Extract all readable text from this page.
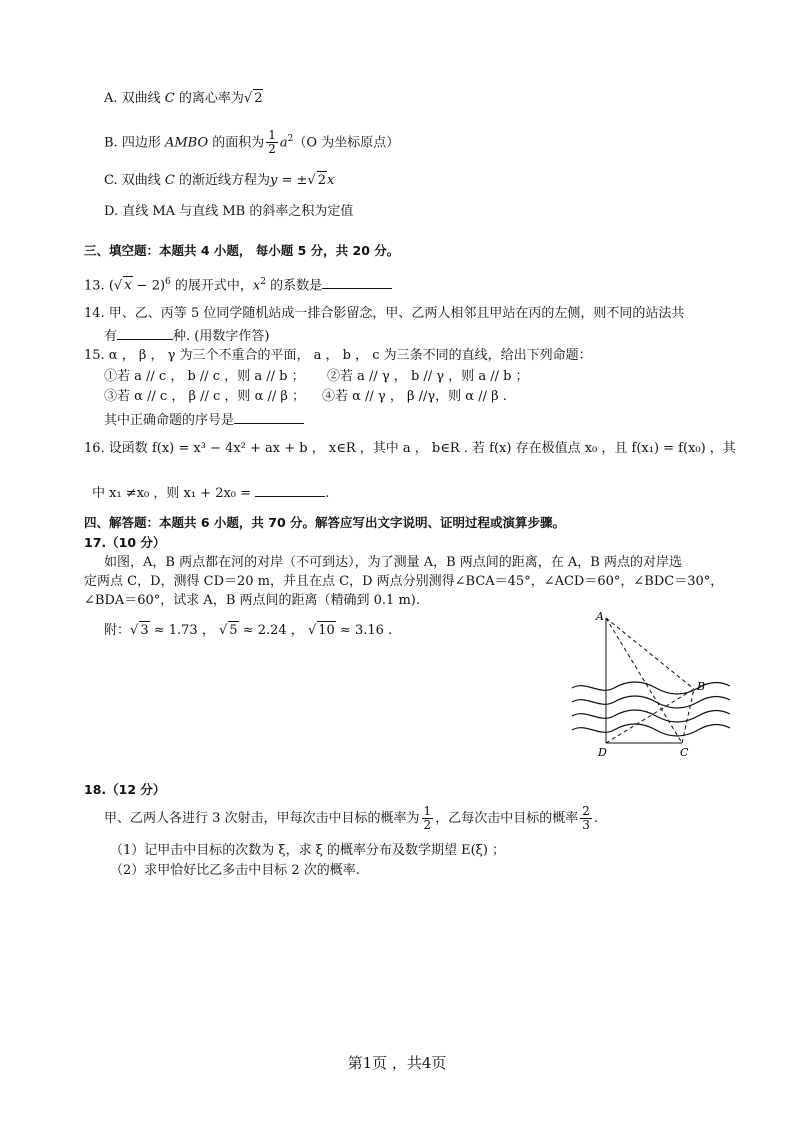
A. 双曲线 C 的离心率为√ 2
B. 四边形 AMBO 的面积为 $\frac{1}{2} a^2(O$ 为坐标原点）
C. 双曲线 C 的渐近线方程为y = ±√ 2x
D. 直线 MA 与直线 MB 的斜率之积为定值
三、填空题：本题共 4 小题， 每小题 5 分，共 20 分。
13. (√ x − 2)$^6$ 的展开式中，$x^2$ 的系数是
14. 甲、乙、丙等 5 位同学随机站成一排合影留念，甲、乙两人相邻且甲站在丙的左侧，则不同的站法共
有	种. (用数字作答)
15. α ， β ， γ 为三个不重合的平面， a ， b ， c 为三条不同的直线，给出下列命题：
①若 a // c ， b // c ，则 a // b ； ②若 a // γ ， b // γ ，则 a // b ；
③若 α // c ， β // c ，则 α // β ； ④若 α // γ ， β //γ，则 α // β .
其中正确命题的序号是
16. 设函数 f(x) = x³ − 4x² + ax + b ， x∈R ，其中 a ， b∈R . 若 f(x) 存在极值点 x₀ ，且 f(x₁) = f(x₀) ，其
中 x₁ ≠x₀ ，则 x₁ + 2x₀ =	.
四、解答题：本题共 6 小题，共 70 分。解答应写出文字说明、证明过程或演算步骤。
17.（10 分）
如图，A，B 两点都在河的对岸（不可到达），为了测量 A，B 两点间的距离，在 A，B 两点的对岸选
定两点 C，D，测得 CD＝20 m，并且在点 C，D 两点分别测得∠BCA＝45°，∠ACD＝60°，∠BDC＝30°，
∠BDA＝60°，试求 A，B 两点间的距离（精确到 0.1 m).
附：√ 3 ≈ 1.73 ， √ 5 ≈ 2.24 ， √ 10 ≈ 3.16 .
A
B
C
D
18.（12 分）
甲、乙两人各进行 3 次射击，甲每次击中目标的概率为 $\frac{1}{2}$ ，乙每次击中目标的概率 $\frac{2}{3}$ .
（1）记甲击中目标的次数为 ξ，求 ξ 的概率分布及数学期望 E(ξ) ；
（2）求甲恰好比乙多击中目标 2 次的概率.
第1页 ，共4页
